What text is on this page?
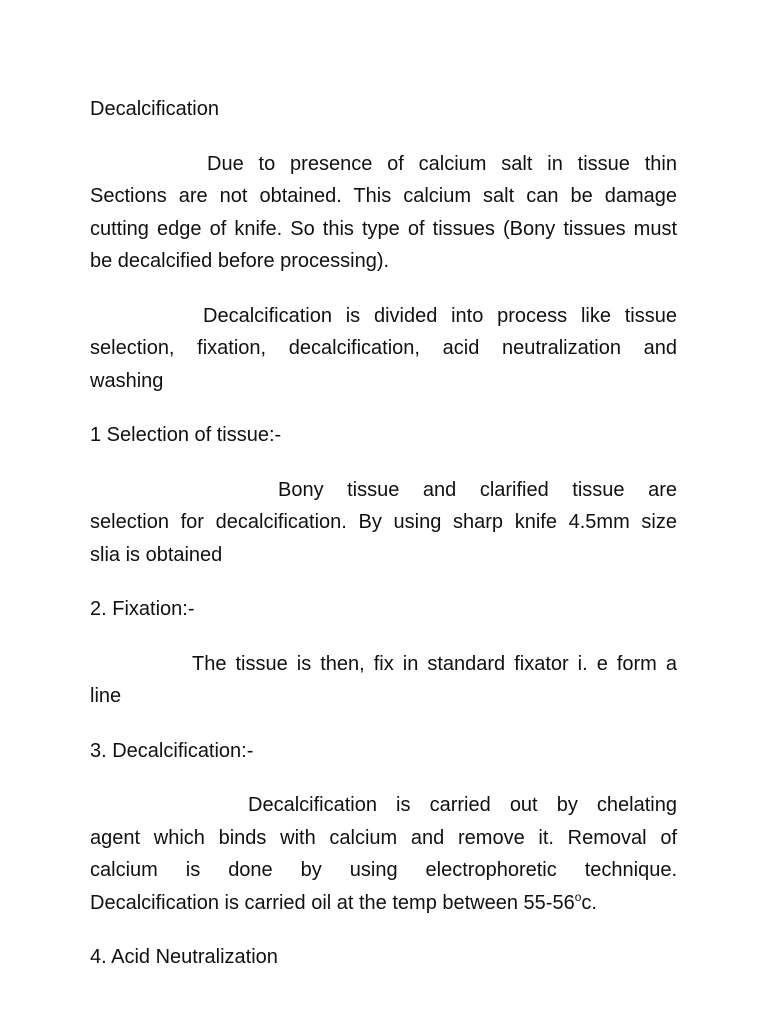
Decalcification

Due to presence of calcium salt in tissue thin
Sections are not obtained. This calcium salt can be damage
cutting edge of knife. So this type of tissues (Bony tissues must
be decalcified before processing).
Decalcification is divided into process like tissue
selection, fixation, decalcification, acid neutralization and
washing

1 Selection of tissue:-

Bony tissue and clarified tissue are
selection for decalcification. By using sharp knife 4.5mm size
slia is obtained

2. Fixation:-

The tissue is then, fix in standard fixator i. e form a
line

3. Decalcification:-

Decalcification is carried out by chelating
agent which binds with calcium and remove it. Removal of
calcium is done by using electrophoretic technique.
Decalcification is carried oil at the temp between 55-56$^o$c.

4. Acid Neutralization
